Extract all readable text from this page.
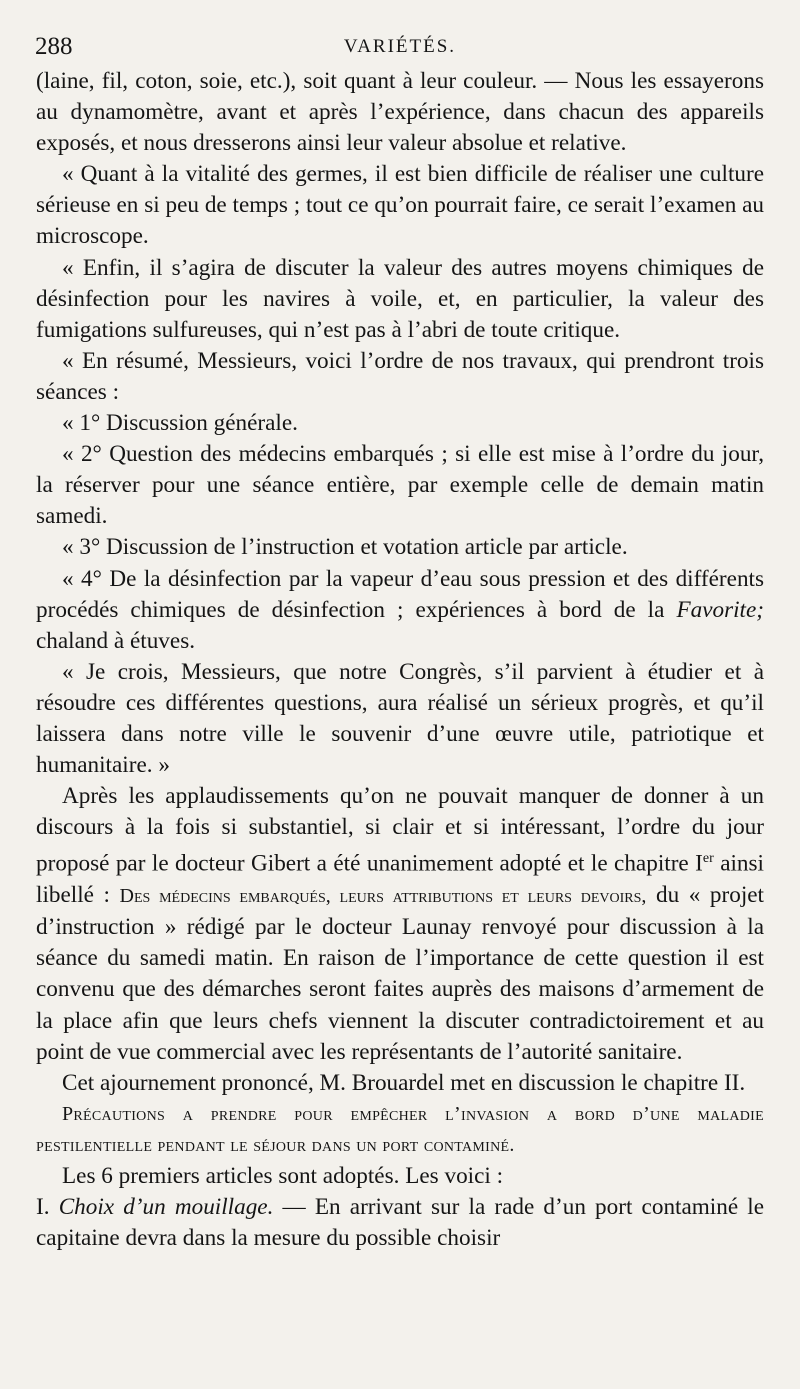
288	VARIÉTÉS.

(laine, fil, coton, soie, etc.), soit quant à leur couleur. — Nous les essayerons au dynamomètre, avant et après l’expérience, dans chacun des appareils exposés, et nous dresserons ainsi leur valeur absolue et relative.

« Quant à la vitalité des germes, il est bien difficile de réaliser une culture sérieuse en si peu de temps ; tout ce qu’on pourrait faire, ce serait l’examen au microscope.

« Enfin, il s’agira de discuter la valeur des autres moyens chimiques de désinfection pour les navires à voile, et, en particulier, la valeur des fumigations sulfureuses, qui n’est pas à l’abri de toute critique.

« En résumé, Messieurs, voici l’ordre de nos travaux, qui prendront trois séances :

« 1° Discussion générale.

« 2° Question des médecins embarqués ; si elle est mise à l’ordre du jour, la réserver pour une séance entière, par exemple celle de demain matin samedi.

« 3° Discussion de l’instruction et votation article par article.

« 4° De la désinfection par la vapeur d’eau sous pression et des différents procédés chimiques de désinfection ; expériences à bord de la Favorite; chaland à étuves.

« Je crois, Messieurs, que notre Congrès, s’il parvient à étudier et à résoudre ces différentes questions, aura réalisé un sérieux progrès, et qu’il laissera dans notre ville le souvenir d’une œuvre utile, patriotique et humanitaire. »

Après les applaudissements qu’on ne pouvait manquer de donner à un discours à la fois si substantiel, si clair et si intéressant, l’ordre du jour proposé par le docteur Gibert a été unanimement adopté et le chapitre Ier ainsi libellé : Des médecins embarqués, leurs attributions et leurs devoirs, du « projet d’instruction » rédigé par le docteur Launay renvoyé pour discussion à la séance du samedi matin. En raison de l’importance de cette question il est convenu que des démarches seront faites auprès des maisons d’armement de la place afin que leurs chefs viennent la discuter contradictoirement et au point de vue commercial avec les représentants de l’autorité sanitaire.

Cet ajournement prononcé, M. Brouardel met en discussion le chapitre II.

Précautions a prendre pour empêcher l’invasion a bord d’une maladie pestilentielle pendant le séjour dans un port contaminé.

Les 6 premiers articles sont adoptés. Les voici :

I. Choix d’un mouillage. — En arrivant sur la rade d’un port contaminé le capitaine devra dans la mesure du possible choisir
